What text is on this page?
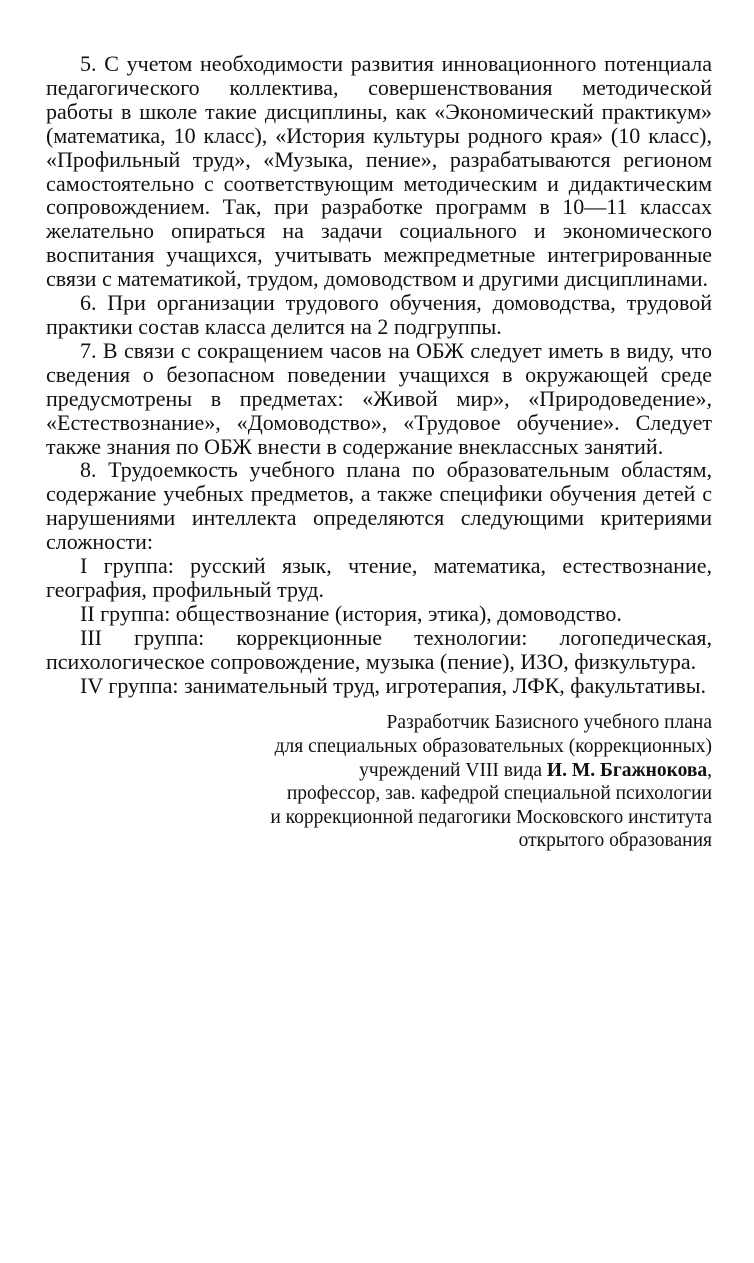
5. С учетом необходимости развития инновационного потенциала педагогического коллектива, совершенствования методической работы в школе такие дисциплины, как «Экономический практикум» (математика, 10 класс), «История культуры родного края» (10 класс), «Профильный труд», «Музыка, пение», разрабатываются регионом самостоятельно с соответствующим методическим и дидактическим сопровождением. Так, при разработке программ в 10—11 классах желательно опираться на задачи социального и экономического воспитания учащихся, учитывать межпредметные интегрированные связи с математикой, трудом, домоводством и другими дисциплинами.

6. При организации трудового обучения, домоводства, трудовой практики состав класса делится на 2 подгруппы.

7. В связи с сокращением часов на ОБЖ следует иметь в виду, что сведения о безопасном поведении учащихся в окружающей среде предусмотрены в предметах: «Живой мир», «Природоведение», «Естествознание», «Домоводство», «Трудовое обучение». Следует также знания по ОБЖ внести в содержание внеклассных занятий.

8. Трудоемкость учебного плана по образовательным областям, содержание учебных предметов, а также специфики обучения детей с нарушениями интеллекта определяются следующими критериями сложности:

I группа: русский язык, чтение, математика, естествознание, география, профильный труд.

II группа: обществознание (история, этика), домоводство.

III группа: коррекционные технологии: логопедическая, психологическое сопровождение, музыка (пение), ИЗО, физкультура.

IV группа: занимательный труд, игротерапия, ЛФК, факультативы.

Разработчик Базисного учебного плана
для специальных образовательных (коррекционных)
учреждений VIII вида И. М. Бгажнокова,
профессор, зав. кафедрой специальной психологии
и коррекционной педагогики Московского института
открытого образования
